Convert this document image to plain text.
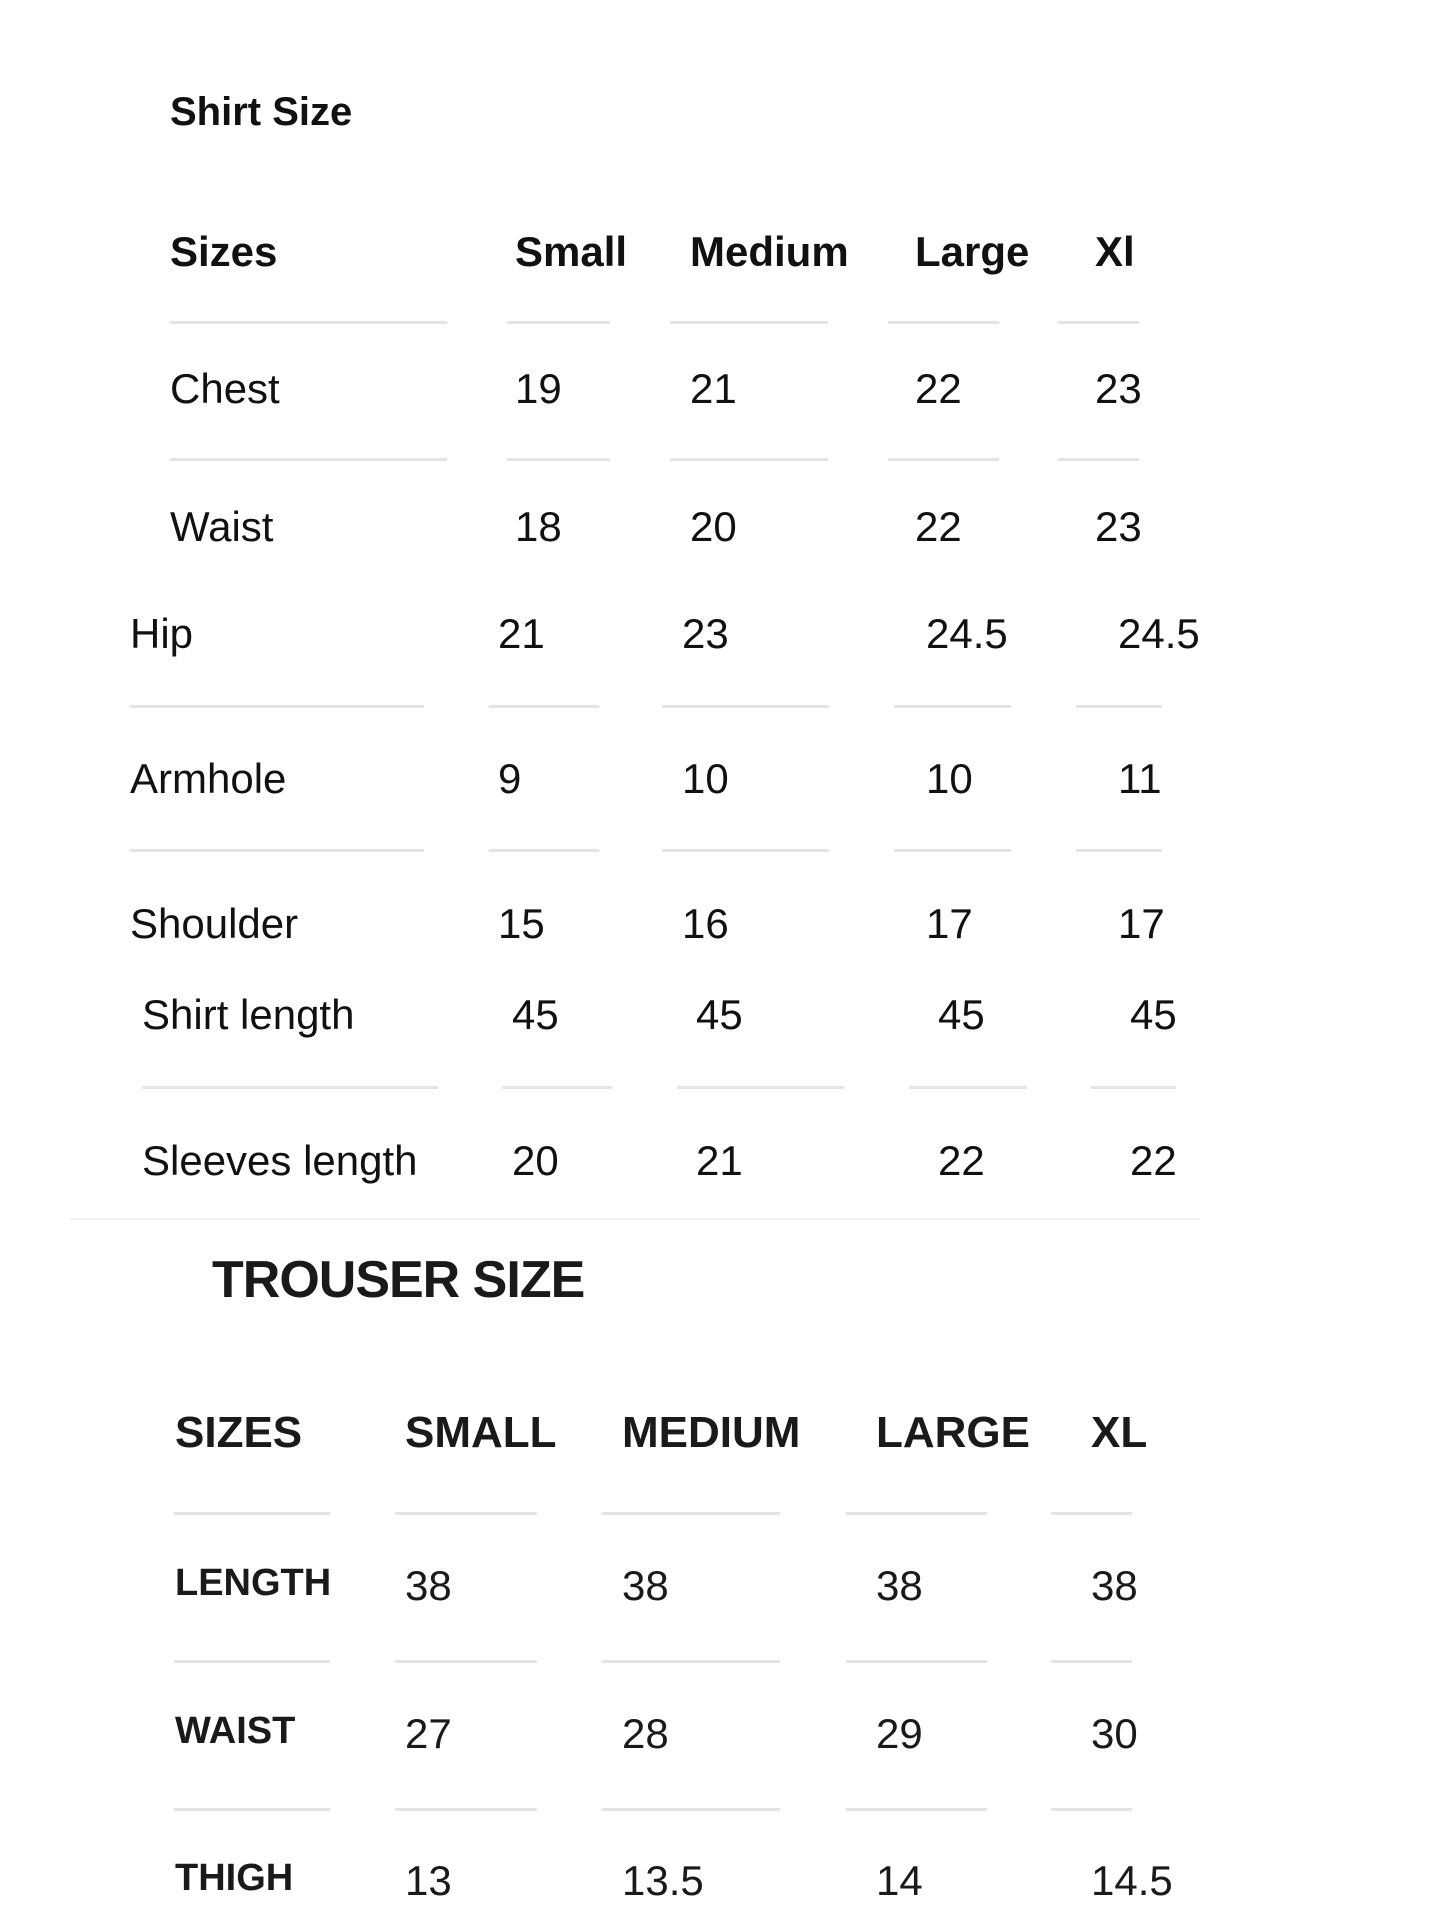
Shirt Size
Sizes	Small Medium Large Xl
Chest	19	21	22	23
Waist	18	20	22	23
Hip	21	23	24.5	24.5
Armhole	9	10	10	11
Shoulder	15	16	17	17
Shirt length	45	45	45	45
Sleeves length 20	21	22	22
TROUSER SIZE
SIZES SMALL MEDIUM LARGE XL
LENGTH 38	38	38	38
WAIST	27	28	29	30
THIGH	13	13.5	14	14.5
